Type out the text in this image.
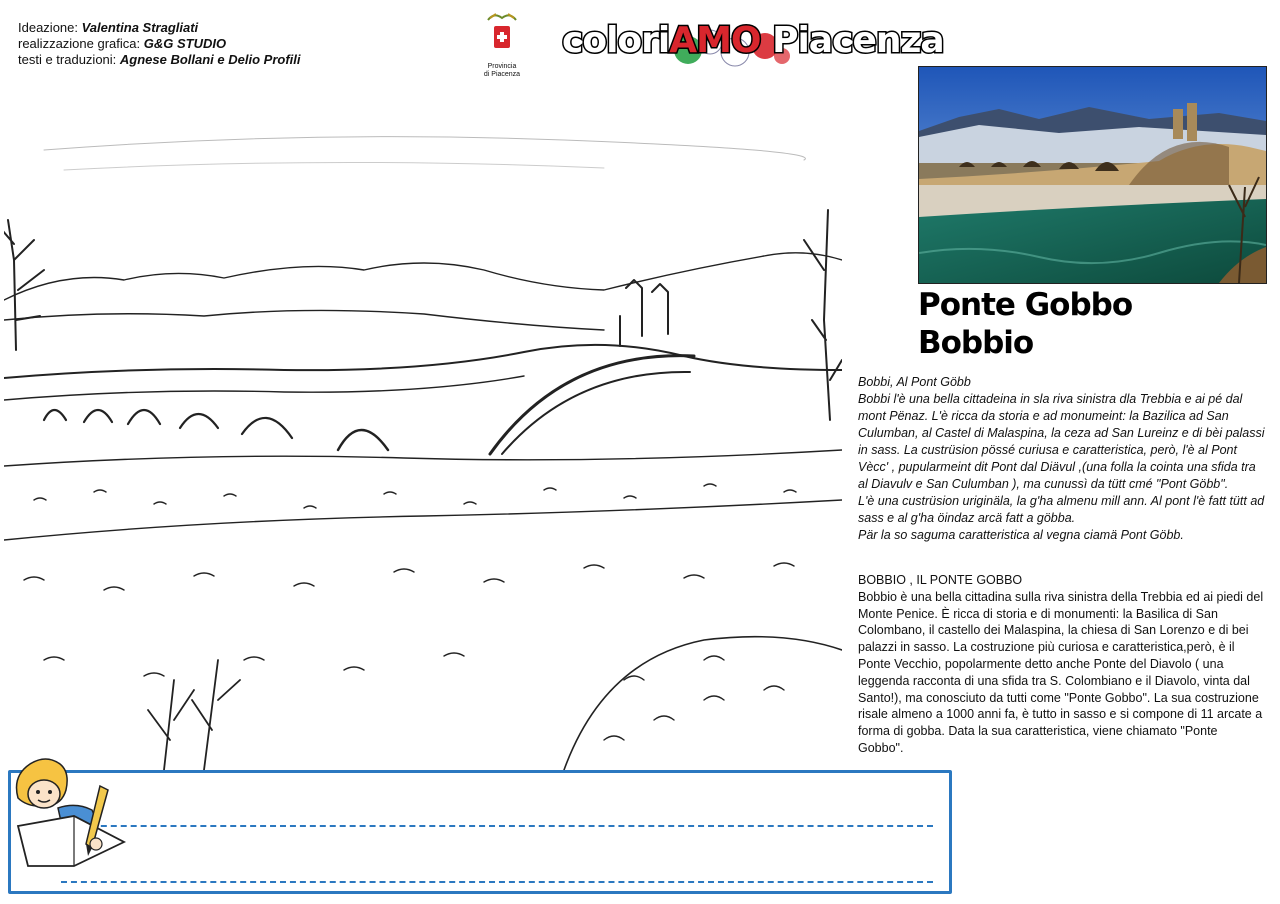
Ideazione: Valentina Stragliati
realizzazione grafica: G&G STUDIO
testi e traduzioni: Agnese Bollani e Delio Profili	Provincia
di Piacenza
coloriAMO Piacenza
Ponte Gobbo
Bobbio

Bobbi, Al Pont Göbb

Bobbi l'è una bella cittadeina in sla riva sinistra dla Trebbia e ai pé dal mont Pënaz. L'è ricca da storia e ad monumeint: la Bazilica ad San Culumban, al Castel di Malaspina, la ceza ad San Lureinz e di bèi palassi in sass. La custrüsion pössé curiusa e caratteristica, però, l'è al Pont Vècc' , pupularmeint dit Pont dal Diävul ,(una folla la cointa una sfida tra al Diavulv e San Culumban ), ma cunussì da tütt cmé "Pont Göbb".

L'è una custrüsion uriginäla, la g'ha almenu mill ann. Al pont l'è fatt tütt ad sass e al g'ha öindaz arcä fatt a göbba.

Pär la so saguma caratteristica al vegna ciamä Pont Göbb.

BOBBIO , IL PONTE GOBBO

Bobbio è una bella cittadina sulla riva sinistra della Trebbia ed ai piedi del Monte Penice. È ricca di storia e di monumenti: la Basilica di San Colombano, il castello dei Malaspina, la chiesa di San Lorenzo e di bei palazzi in sasso. La costruzione più curiosa e caratteristica,però, è il Ponte Vecchio, popolarmente detto anche Ponte del Diavolo ( una leggenda racconta di una sfida tra S. Colombiano e il Diavolo, vinta dal Santo!), ma conosciuto da tutti come "Ponte Gobbo". La sua costruzione risale almeno a 1000 anni fa, è tutto in sasso e si compone di 11 arcate a forma di gobba. Data la sua caratteristica, viene chiamato "Ponte Gobbo".
